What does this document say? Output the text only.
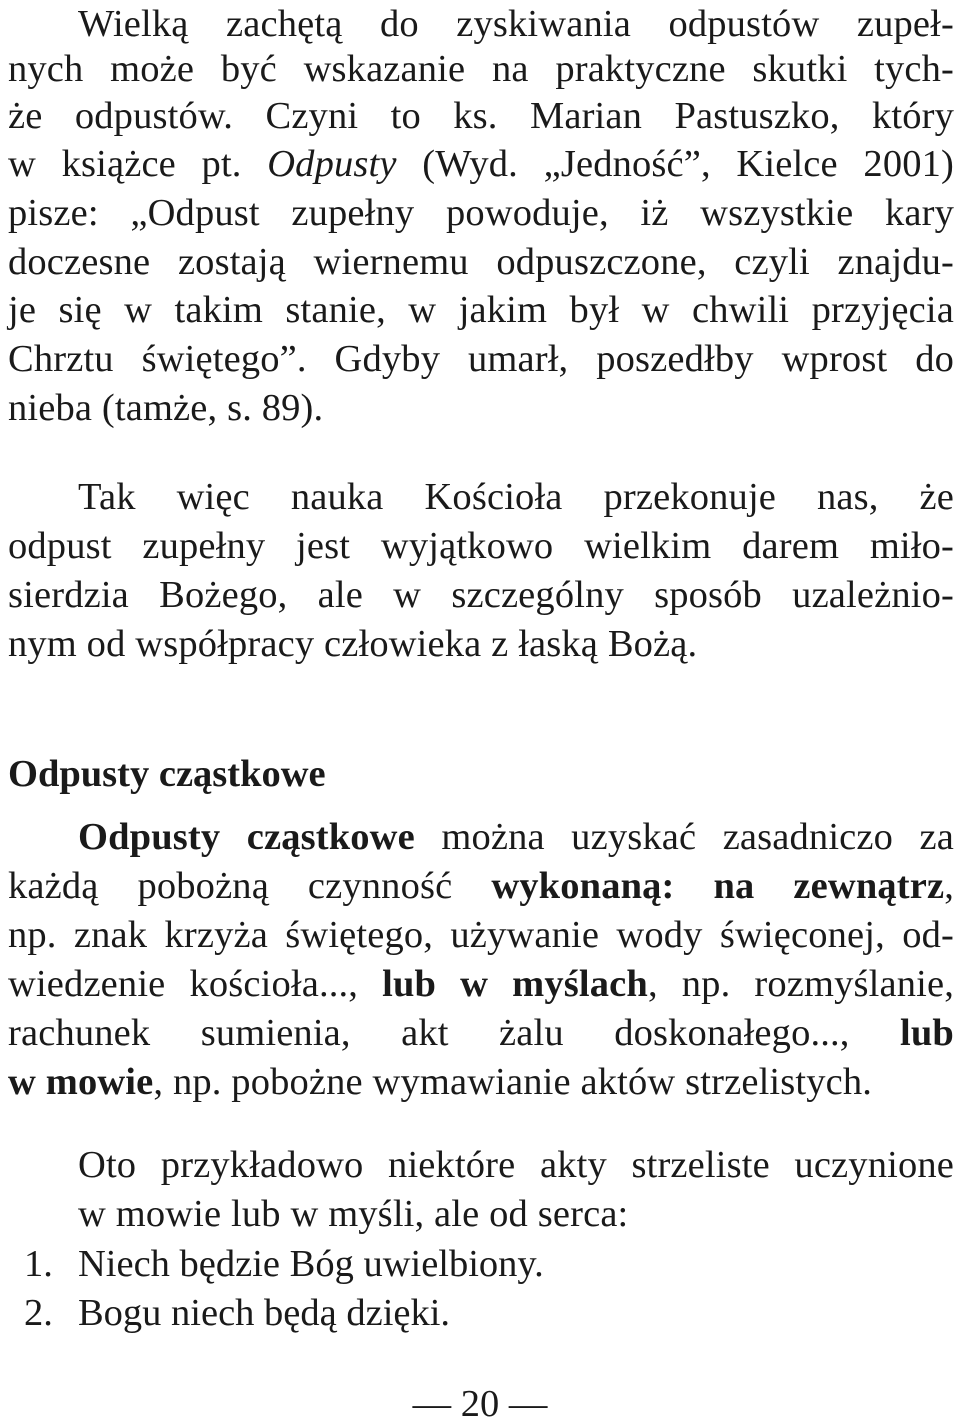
Wielką zachętą do zyskiwania odpustów zupeł-
nych może być wskazanie na praktyczne skutki tych-
że odpustów. Czyni to ks. Marian Pastuszko, który
w książce pt. Odpusty (Wyd. „Jedność”, Kielce 2001)
pisze: „Odpust zupełny powoduje, iż wszystkie kary
doczesne zostają wiernemu odpuszczone, czyli znajdu-
je się w takim stanie, w jakim był w chwili przyjęcia
Chrztu świętego”. Gdyby umarł, poszedłby wprost do
nieba (tamże, s. 89).
Tak więc nauka Kościoła przekonuje nas, że
odpust zupełny jest wyjątkowo wielkim darem miło-
sierdzia Bożego, ale w szczególny sposób uzależnio-
nym od współpracy człowieka z łaską Bożą.
Odpusty cząstkowe
Odpusty cząstkowe można uzyskać zasadniczo za
każdą pobożną czynność wykonaną: na zewnątrz,
np. znak krzyża świętego, używanie wody święconej, od-
wiedzenie kościoła..., lub w myślach, np. rozmyślanie,
rachunek sumienia, akt żalu doskonałego..., lub
w mowie, np. pobożne wymawianie aktów strzelistych.
Oto przykładowo niektóre akty strzeliste uczynione
w mowie lub w myśli, ale od serca:
1. Niech będzie Bóg uwielbiony.
2. Bogu niech będą dzięki.
— 20 —
